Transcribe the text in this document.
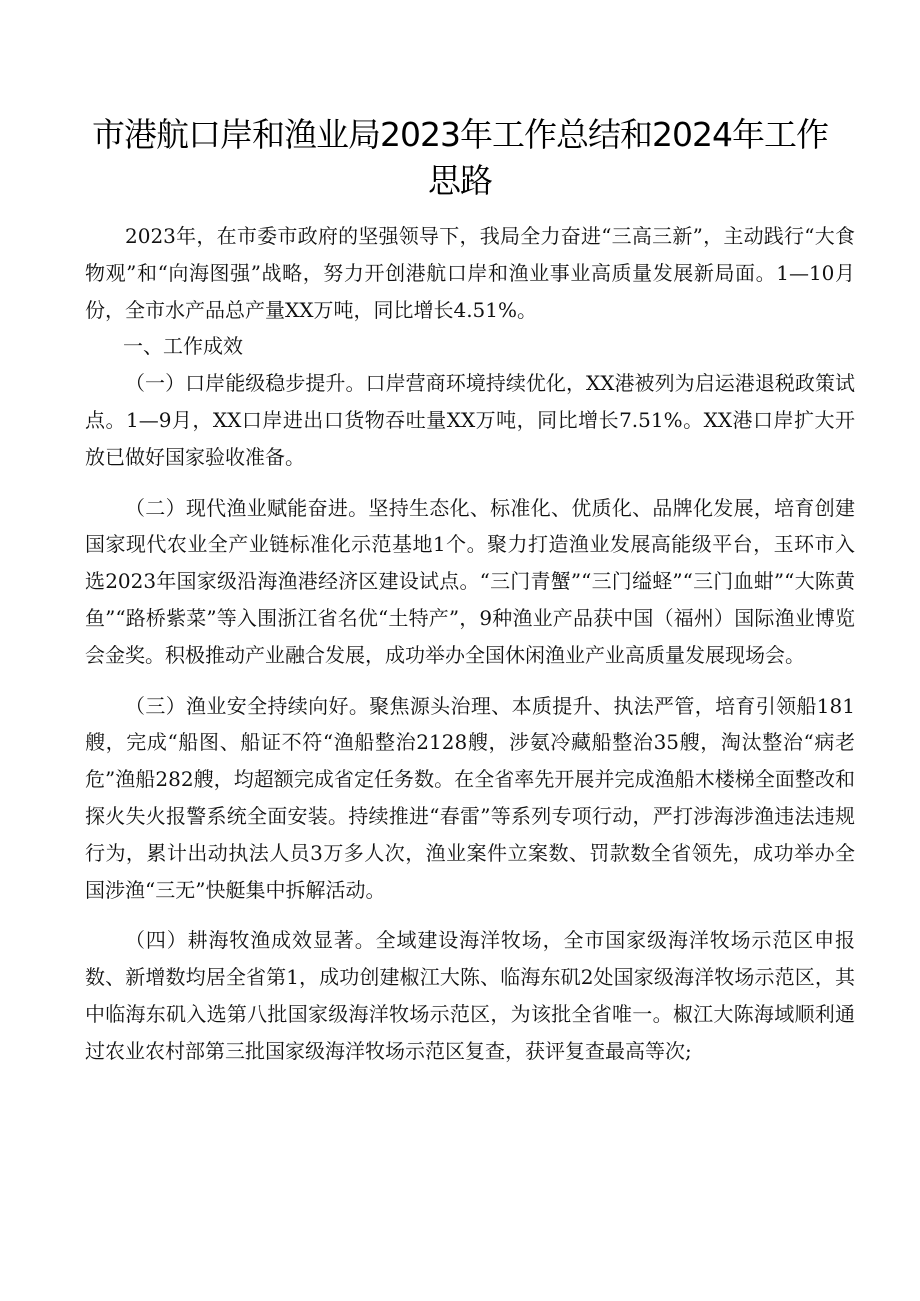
市港航口岸和渔业局2023年工作总结和2024年工作
思路

2023年，在市委市政府的坚强领导下，我局全力奋进“三高三新”，主动践行“大食物观”和“向海图强”战略，努力开创港航口岸和渔业事业高质量发展新局面。1—10月份，全市水产品总产量XX万吨，同比增长4.51%。

一、工作成效

（一）口岸能级稳步提升。口岸营商环境持续优化，XX港被列为启运港退税政策试点。1—9月，XX口岸进出口货物吞吐量XX万吨，同比增长7.51%。XX港口岸扩大开放已做好国家验收准备。

（二）现代渔业赋能奋进。坚持生态化、标准化、优质化、品牌化发展，培育创建国家现代农业全产业链标准化示范基地1个。聚力打造渔业发展高能级平台，玉环市入选2023年国家级沿海渔港经济区建设试点。“三门青蟹”“三门缢蛏”“三门血蚶”“大陈黄鱼”“路桥紫菜”等入围浙江省名优“土特产”，9种渔业产品获中国（福州）国际渔业博览会金奖。积极推动产业融合发展，成功举办全国休闲渔业产业高质量发展现场会。

（三）渔业安全持续向好。聚焦源头治理、本质提升、执法严管，培育引领船181艘，完成“船图、船证不符“渔船整治2128艘，涉氨冷藏船整治35艘，淘汰整治“病老危”渔船282艘，均超额完成省定任务数。在全省率先开展并完成渔船木楼梯全面整改和探火失火报警系统全面安装。持续推进“春雷”等系列专项行动，严打涉海涉渔违法违规行为，累计出动执法人员3万多人次，渔业案件立案数、罚款数全省领先，成功举办全国涉渔“三无”快艇集中拆解活动。

（四）耕海牧渔成效显著。全域建设海洋牧场，全市国家级海洋牧场示范区申报数、新增数均居全省第1，成功创建椒江大陈、临海东矶2处国家级海洋牧场示范区，其中临海东矶入选第八批国家级海洋牧场示范区，为该批全省唯一。椒江大陈海域顺利通过农业农村部第三批国家级海洋牧场示范区复查，获评复查最高等次;
